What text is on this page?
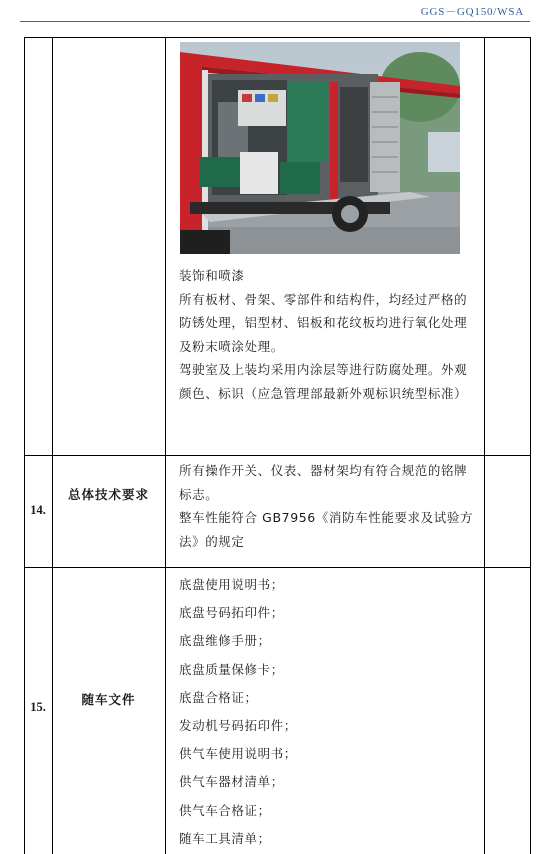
GGS－GQ150/WSA

装饰和喷漆

所有板材、骨架、零部件和结构件，均经过严格的防锈处理，铝型材、铝板和花纹板均进行氧化处理及粉末喷涂处理。

驾驶室及上装均采用内涂层等进行防腐处理。外观颜色、标识（应急管理部最新外观标识统型标准）

14.
总体技术要求

所有操作开关、仪表、器材架均有符合规范的铭牌标志。

整车性能符合 GB7956《消防车性能要求及试验方法》的规定

15.	随车文件

底盘使用说明书；

底盘号码拓印件；

底盘维修手册；

底盘质量保修卡；

底盘合格证；

发动机号码拓印件；

供气车使用说明书；

供气车器材清单；

供气车合格证；

随车工具清单；
